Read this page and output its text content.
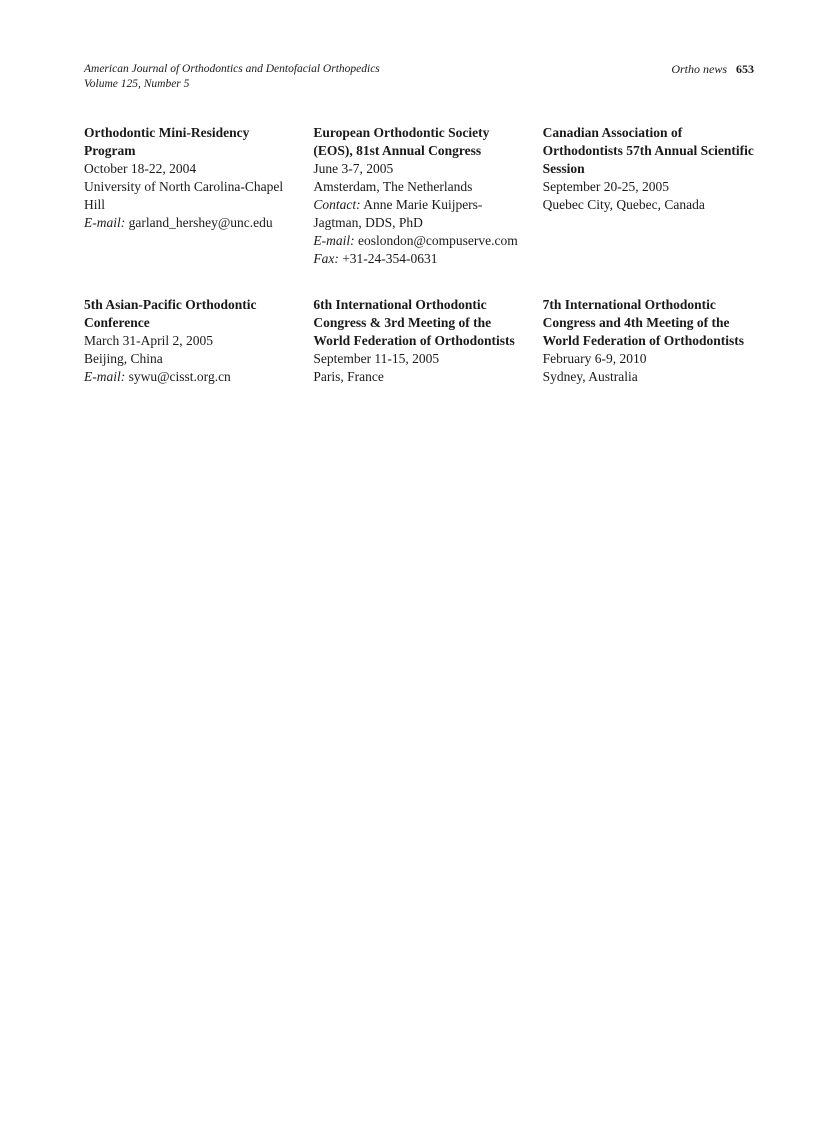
American Journal of Orthodontics and Dentofacial Orthopedics
Volume 125, Number 5
Ortho news 653
Orthodontic Mini-Residency Program
October 18-22, 2004
University of North Carolina-Chapel Hill
E-mail: garland_hershey@unc.edu
5th Asian-Pacific Orthodontic Conference
March 31-April 2, 2005
Beijing, China
E-mail: sywu@cisst.org.cn
European Orthodontic Society (EOS), 81st Annual Congress
June 3-7, 2005
Amsterdam, The Netherlands
Contact: Anne Marie Kuijpers-Jagtman, DDS, PhD
E-mail: eoslondon@compuserve.com
Fax: +31-24-354-0631
6th International Orthodontic Congress & 3rd Meeting of the World Federation of Orthodontists
September 11-15, 2005
Paris, France
Canadian Association of Orthodontists 57th Annual Scientific Session
September 20-25, 2005
Quebec City, Quebec, Canada
7th International Orthodontic Congress and 4th Meeting of the World Federation of Orthodontists
February 6-9, 2010
Sydney, Australia
